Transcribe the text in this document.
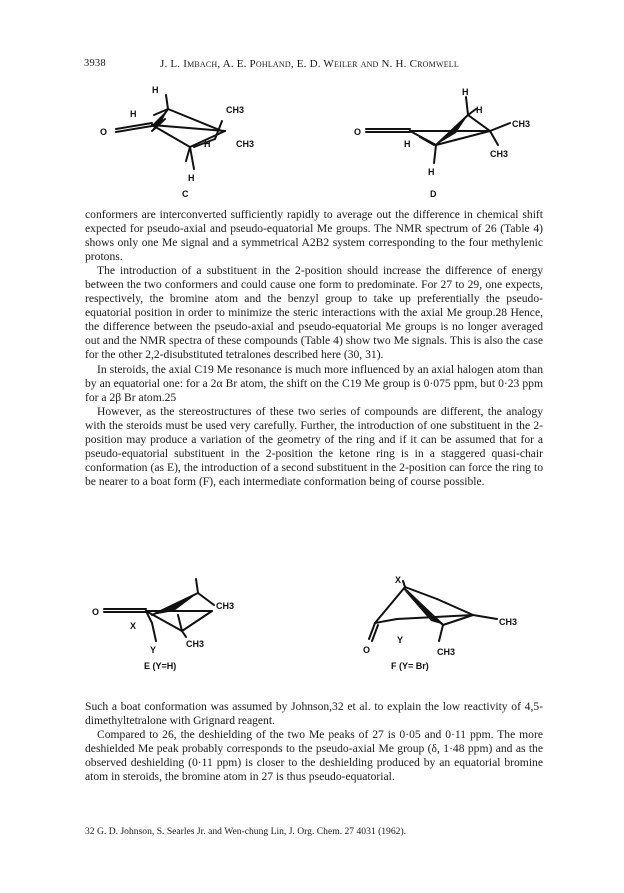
3938	J. L. Imbach, A. E. Pohland, E. D. Weiler and N. H. Cromwell
H
H
O
CH3
H	CH3
H
C
H
H
O
CH3
H
CH3
H
D

conformers are interconverted sufficiently rapidly to average out the difference in chemical shift expected for pseudo-axial and pseudo-equatorial Me groups. The NMR spectrum of 26 (Table 4) shows only one Me signal and a symmetrical A2B2 system corresponding to the four methylenic protons.

The introduction of a substituent in the 2-position should increase the difference of energy between the two conformers and could cause one form to predominate. For 27 to 29, one expects, respectively, the bromine atom and the benzyl group to take up preferentially the pseudo-equatorial position in order to minimize the steric interactions with the axial Me group.28 Hence, the difference between the pseudo-axial and pseudo-equatorial Me groups is no longer averaged out and the NMR spectra of these compounds (Table 4) show two Me signals. This is also the case for the other 2,2-disubstituted tetralones described here (30, 31).

In steroids, the axial C19 Me resonance is much more influenced by an axial halogen atom than by an equatorial one: for a 2α Br atom, the shift on the C19 Me group is 0·075 ppm, but 0·23 ppm for a 2β Br atom.25

However, as the stereostructures of these two series of compounds are different, the analogy with the steroids must be used very carefully. Further, the introduction of one substituent in the 2-position may produce a variation of the geometry of the ring and if it can be assumed that for a pseudo-equatorial substituent in the 2-position the ketone ring is in a staggered quasi-chair conformation (as E), the introduction of a second substituent in the 2-position can force the ring to be nearer to a boat form (F), each intermediate conformation being of course possible.

CH3
O
X
CH3
Y
E (Y=H)
X
CH3
O
Y
CH3
F (Y= Br)

Such a boat conformation was assumed by Johnson,32 et al. to explain the low reactivity of 4,5-dimethyltetralone with Grignard reagent.

Compared to 26, the deshielding of the two Me peaks of 27 is 0·05 and 0·11 ppm. The more deshielded Me peak probably corresponds to the pseudo-axial Me group (δ, 1·48 ppm) and as the observed deshielding (0·11 ppm) is closer to the deshielding produced by an equatorial bromine atom in steroids, the bromine atom in 27 is thus pseudo-equatorial.

32 G. D. Johnson, S. Searles Jr. and Wen-chung Lin, J. Org. Chem. 27 4031 (1962).
